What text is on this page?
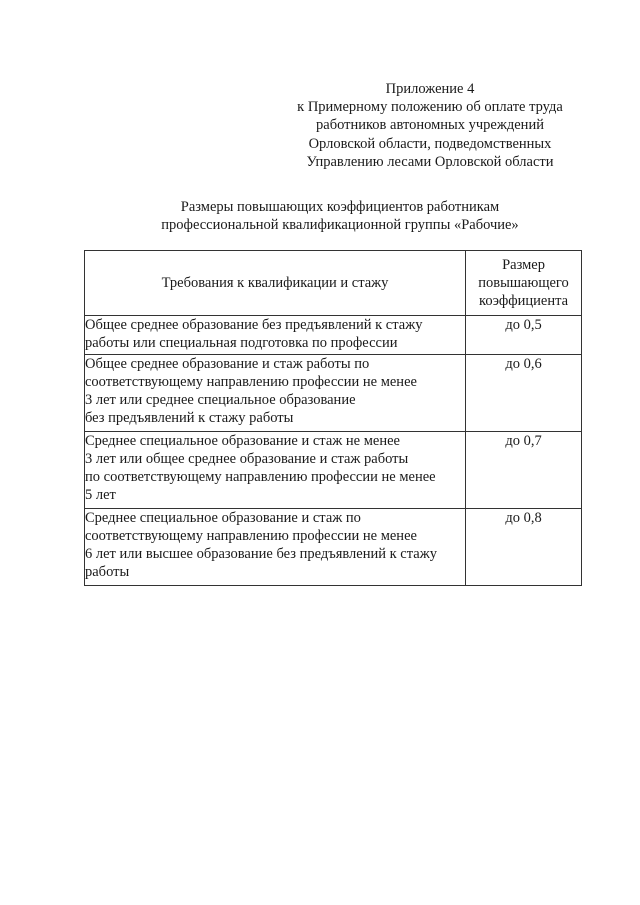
Приложение 4
к Примерному положению об оплате труда
работников автономных учреждений
Орловской области, подведомственных
Управлению лесами Орловской области
Размеры повышающих коэффициентов работникам
профессиональной квалификационной группы «Рабочие»
Требования к квалификации и стажу	Размер
повышающего
коэффициента

Общее среднее образование без предъявлений к стажу
работы или специальная подготовка по профессии	до 0,5

Общее среднее образование и стаж работы по
соответствующему направлению профессии не менее
3 лет или среднее специальное образование
без предъявлений к стажу работы	до 0,6

Среднее специальное образование и стаж не менее
3 лет или общее среднее образование и стаж работы
по соответствующему направлению профессии не менее
5 лет	до 0,7

Среднее специальное образование и стаж по
соответствующему направлению профессии не менее
6 лет или высшее образование без предъявлений к стажу
работы	до 0,8
